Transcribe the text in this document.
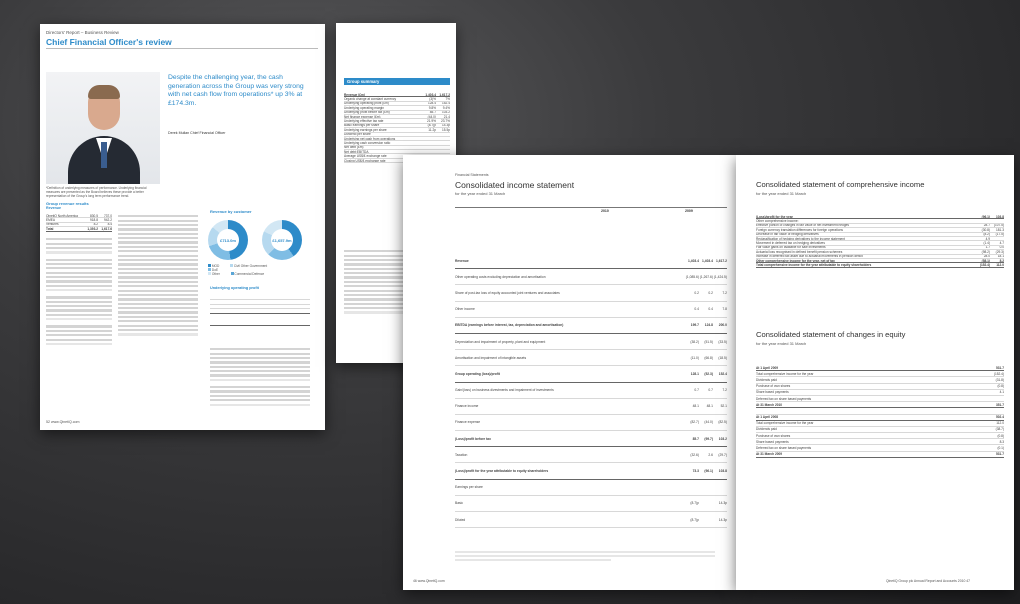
Directors' Report – Business Review
Chief Financial Officer's review
Despite the challenging year, the cash generation across the Group was very strong with net cash flow from operations* up 3% at £174.3m.
Derek Mullan Chief Financial Officer
*Definition of underlying measures of performance. Underlying financial measures are presented as the Board believes these provide a better representation of the Group's long term performance trend.
Group revenue results
Revenue
QinetiQ North America	830.5 737.0
EMEA	918.8 942.2
Ventures	8.2	8.4
Total	1,393.2 1,617.6
Revenue by customer
£713.0m	£1,657.9m
MOD	Civil Other Government
DoE
Other	Commercial Defence
Underlying operating profit

52 www.QinetiQ.com
Group summary
Revenue (£m)	1,403.4 1,617.2
Organic change at constant currency	(3)%	7%
Underlying operating profit (£m)	128.4 152.4
Underlying operating margin	9.8% 9.4%
Underlying profit before tax (£m)	85.7 103.2
Net finance expense (£m)	(44.0) 21.4
Underlying effective tax rate	21.9% 23.7%
Basic earnings per share	(8.7)p 14.3p
Underlying earnings per share	11.2p 15.5p
Dividend per share
Underlying net cash from operations
Underlying cash conversion ratio
Net debt (£m)
Net debt:EBITDA
Average US$/£ exchange rate
Closing US$/£ exchange rate
Financial Statements
Consolidated income statement
for the year ended 31 March
2010	2009
Revenue	1,403.4 1,403.4 1,617.2
Other operating costs excluding depreciation and amortisation	(1,085.6)(1,267.6)(1,424.5)
Share of post-tax loss of equity accounted joint ventures and associates	0.2	0.2	7.2
Other income	0.4	0.4	7.8
EBITDA (earnings before interest, tax, depreciation and amortisation)	199.7 124.8 200.0
Depreciation and impairment of property, plant and equipment	(38.2) (51.5) (33.5)
Amortisation and impairment of intangible assets	(11.0) (66.8) (18.5)
Group operating (loss)/profit	128.1 (52.3) 152.4
Gain/(loss) on business divestments and impairment of investments	0.7	0.7	7.2
Finance income	48.1 48.1 52.1
Finance expense	(82.7) (44.0) (82.5)
(Loss)/profit before tax	85.7 (99.7) 103.2
Taxation	(32.6)	2.6 (29.7)
(Loss)/profit for the year attributable to equity shareholders	73.3 (96.1) 103.8
Earnings per share
Basic	(8.7)p	14.3p
Diluted	(8.7)p	14.3p
46 www.QinetiQ.com
Consolidated statement of comprehensive income
for the year ended 31 March
(Loss)/profit for the year	(96.1) 103.8
Other comprehensive income:
Effective portion of changes in fair value of net investment hedges	28.7 (107.5)
Foreign currency translation differences for foreign operations	(30.8) 181.3
Decrease in fair value of hedging derivatives	(8.2) (17.5)
Reclassification of hedging derivatives to the income statement	4.9
Movement in deferred tax on hedging derivatives	(1.4)	4.7
Fair value gains on available for sale investments	1.7	0.0
Actuarial loss recognised in defined benefit pension schemes	(98.2) (29.3)
Increase in deferred tax asset due to actuarial movements in pension deficit	28.0 18.1
Other comprehensive income for the year, net of tax	(58.1)	8.2
Total comprehensive income for the year attributable to equity shareholders	(152.4) 112.0
Consolidated statement of changes in equity
for the year ended 31 March
At 1 April 2009	531.7
Total comprehensive income for the year	(152.4)
Dividends paid	(31.8)
Purchase of own shares	(0.8)
Share based payments	4.1
Deferred tax on share based payments
At 31 March 2010	351.7
At 1 April 2008	502.4
Total comprehensive income for the year	112.0
Dividends paid	(38.7)
Purchase of own shares	(0.8)
Share based payments	8.3
Deferred tax on share based payments	(0.1)
At 31 March 2009	531.7
QinetiQ Group plc Annual Report and Accounts 2010 47
